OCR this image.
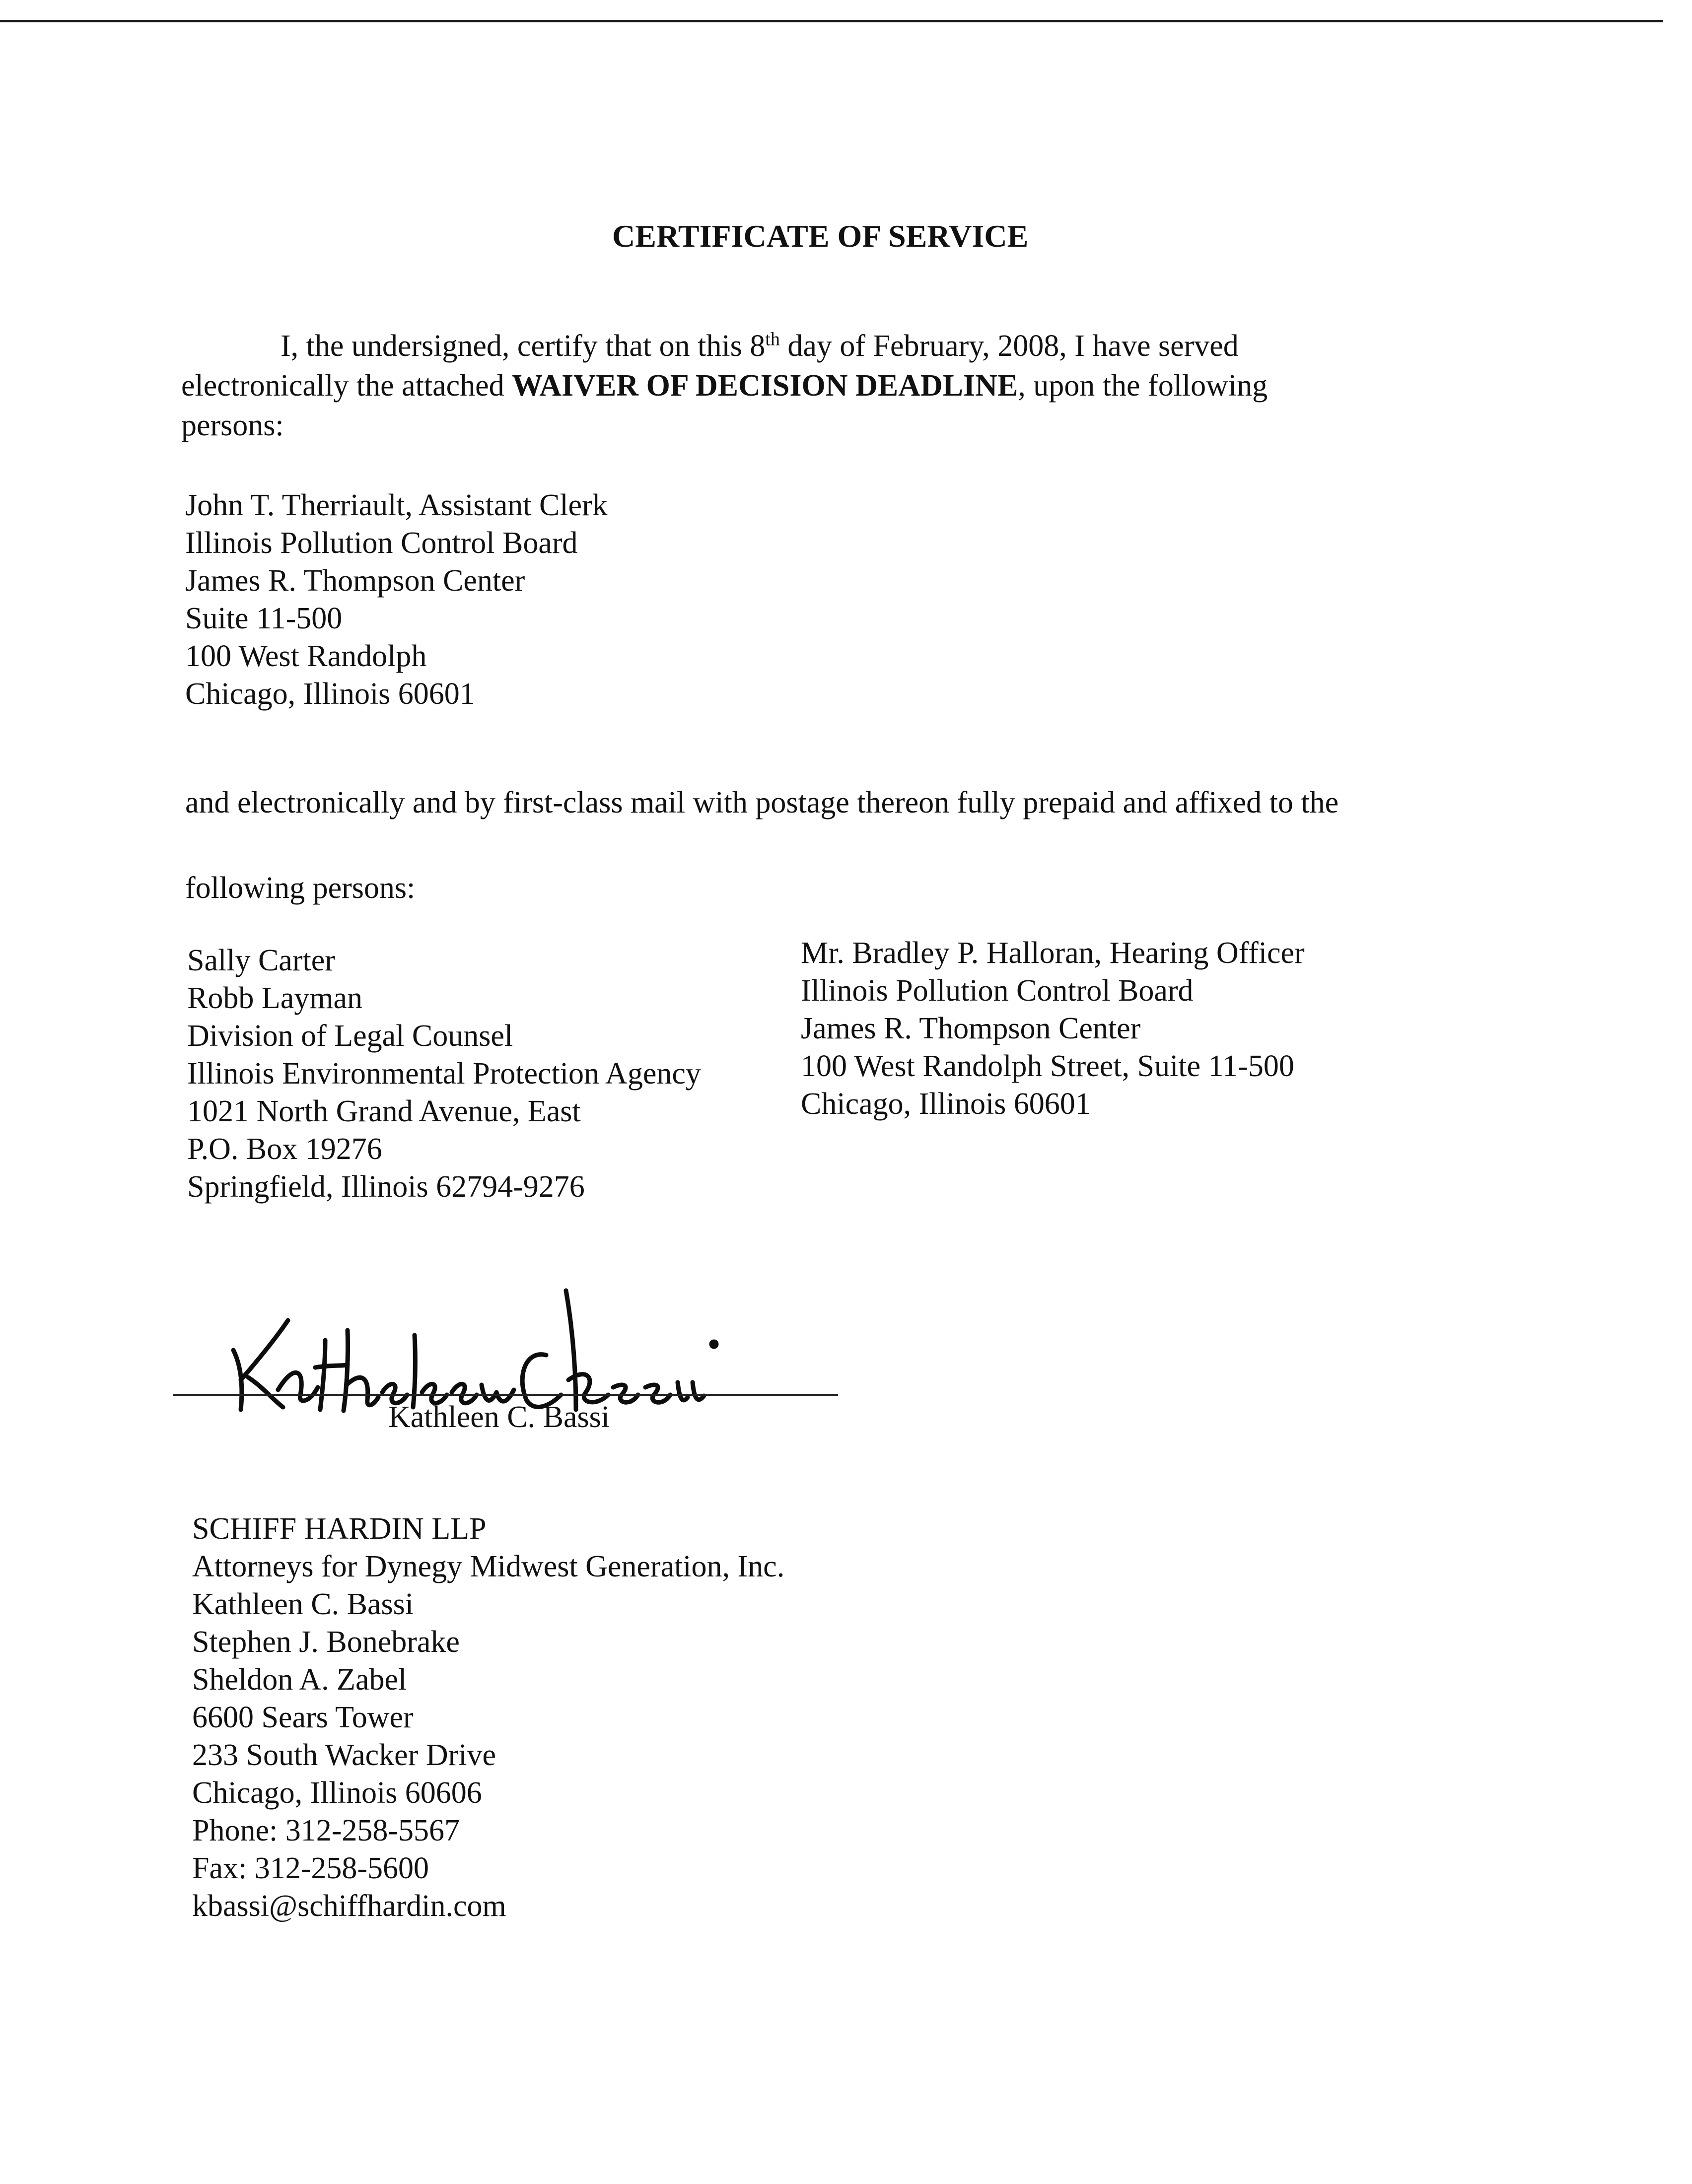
CERTIFICATE OF SERVICE
I, the undersigned, certify that on this 8th day of February, 2008, I have served
electronically the attached WAIVER OF DECISION DEADLINE, upon the following
persons:
John T. Therriault, Assistant Clerk
Illinois Pollution Control Board
James R. Thompson Center
Suite 11-500
100 West Randolph
Chicago, Illinois 60601
and electronically and by first-class mail with postage thereon fully prepaid and affixed to the
following persons:
Sally Carter
Robb Layman
Division of Legal Counsel
Illinois Environmental Protection Agency
1021 North Grand Avenue, East
P.O. Box 19276
Springfield, Illinois 62794-9276
Mr. Bradley P. Halloran, Hearing Officer
Illinois Pollution Control Board
James R. Thompson Center
100 West Randolph Street, Suite 11-500
Chicago, Illinois 60601
Kathleen C. Bassi
SCHIFF HARDIN LLP
Attorneys for Dynegy Midwest Generation, Inc.
Kathleen C. Bassi
Stephen J. Bonebrake
Sheldon A. Zabel
6600 Sears Tower
233 South Wacker Drive
Chicago, Illinois 60606
Phone: 312-258-5567
Fax: 312-258-5600
kbassi@schiffhardin.com
